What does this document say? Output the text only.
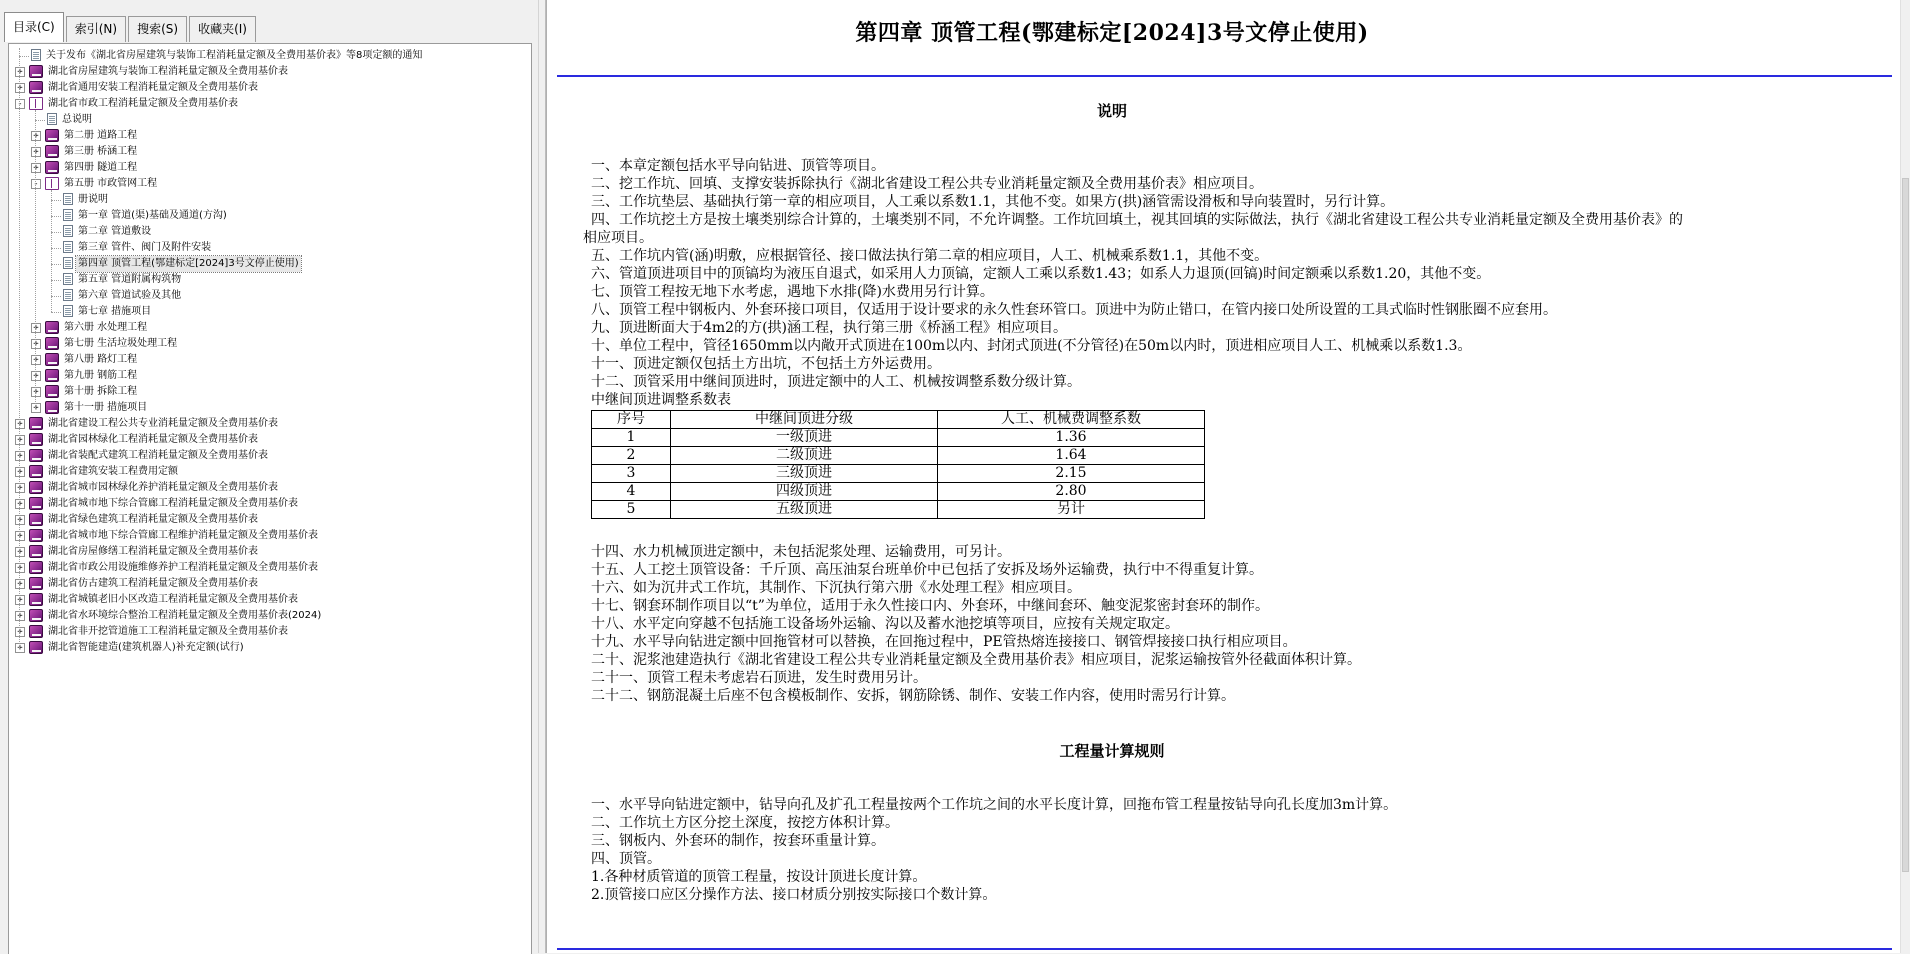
目录(C)	索引(N)	搜索(S)	收藏夹(I)
关于发布《湖北省房屋建筑与装饰工程消耗量定额及全费用基价表》等8项定额的通知
+	湖北省房屋建筑与装饰工程消耗量定额及全费用基价表
+	湖北省通用安装工程消耗量定额及全费用基价表
-	湖北省市政工程消耗量定额及全费用基价表
总说明
+	第二册 道路工程
+	第三册 桥涵工程
+	第四册 隧道工程
-	第五册 市政管网工程
册说明
第一章 管道(渠)基础及通道(方沟)
第二章 管道敷设
第三章 管件、阀门及附件安装
第四章 顶管工程(鄂建标定[2024]3号文停止使用)
第五章 管道附属构筑物
第六章 管道试验及其他
第七章 措施项目
+	第六册 水处理工程
+	第七册 生活垃圾处理工程
+	第八册 路灯工程
+	第九册 钢筋工程
+	第十册 拆除工程
+	第十一册 措施项目
+	湖北省建设工程公共专业消耗量定额及全费用基价表
+	湖北省园林绿化工程消耗量定额及全费用基价表
+	湖北省装配式建筑工程消耗量定额及全费用基价表
+	湖北省建筑安装工程费用定额
+	湖北省城市园林绿化养护消耗量定额及全费用基价表
+	湖北省城市地下综合管廊工程消耗量定额及全费用基价表
+	湖北省绿色建筑工程消耗量定额及全费用基价表
+	湖北省城市地下综合管廊工程维护消耗量定额及全费用基价表
+	湖北省房屋修缮工程消耗量定额及全费用基价表
+	湖北省市政公用设施维修养护工程消耗量定额及全费用基价表
+	湖北省仿古建筑工程消耗量定额及全费用基价表
+	湖北省城镇老旧小区改造工程消耗量定额及全费用基价表
+	湖北省水环境综合整治工程消耗量定额及全费用基价表(2024)
+	湖北省非开挖管道施工工程消耗量定额及全费用基价表
+	湖北省智能建造(建筑机器人)补充定额(试行)
第四章 顶管工程(鄂建标定[2024]3号文停止使用)
说明
一、本章定额包括水平导向钻进、顶管等项目。
二、挖工作坑、回填、支撑安装拆除执行《湖北省建设工程公共专业消耗量定额及全费用基价表》相应项目。
三、工作坑垫层、基础执行第一章的相应项目，人工乘以系数1.1，其他不变。如果方(拱)涵管需设滑板和导向装置时，另行计算。
四、工作坑挖土方是按土壤类别综合计算的，土壤类别不同，不允许调整。工作坑回填土，视其回填的实际做法，执行《湖北省建设工程公共专业消耗量定额及全费用基价表》的
相应项目。
五、工作坑内管(涵)明敷，应根据管径、接口做法执行第二章的相应项目，人工、机械乘系数1.1，其他不变。
六、管道顶进项目中的顶镐均为液压自退式，如采用人力顶镐，定额人工乘以系数1.43；如系人力退顶(回镐)时间定额乘以系数1.20，其他不变。
七、顶管工程按无地下水考虑，遇地下水排(降)水费用另行计算。
八、顶管工程中钢板内、外套环接口项目，仅适用于设计要求的永久性套环管口。顶进中为防止错口，在管内接口处所设置的工具式临时性钢胀圈不应套用。
九、顶进断面大于4m2的方(拱)涵工程，执行第三册《桥涵工程》相应项目。
十、单位工程中，管径1650mm以内敞开式顶进在100m以内、封闭式顶进(不分管径)在50m以内时，顶进相应项目人工、机械乘以系数1.3。
十一、顶进定额仅包括土方出坑，不包括土方外运费用。
十二、顶管采用中继间顶进时，顶进定额中的人工、机械按调整系数分级计算。
中继间顶进调整系数表
序号	中继间顶进分级	人工、机械费调整系数
1	一级顶进	1.36
2	二级顶进	1.64
3	三级顶进	2.15
4	四级顶进	2.80
5	五级顶进	另计
十四、水力机械顶进定额中，未包括泥浆处理、运输费用，可另计。
十五、人工挖土顶管设备：千斤顶、高压油泵台班单价中已包括了安拆及场外运输费，执行中不得重复计算。
十六、如为沉井式工作坑，其制作、下沉执行第六册《水处理工程》相应项目。
十七、钢套环制作项目以“t”为单位，适用于永久性接口内、外套环，中继间套环、触变泥浆密封套环的制作。
十八、水平定向穿越不包括施工设备场外运输、沟以及蓄水池挖填等项目，应按有关规定取定。
十九、水平导向钻进定额中回拖管材可以替换，在回拖过程中，PE管热熔连接接口、钢管焊接接口执行相应项目。
二十、泥浆池建造执行《湖北省建设工程公共专业消耗量定额及全费用基价表》相应项目，泥浆运输按管外径截面体积计算。
二十一、顶管工程未考虑岩石顶进，发生时费用另计。
二十二、钢筋混凝土后座不包含模板制作、安拆，钢筋除锈、制作、安装工作内容，使用时需另行计算。
工程量计算规则
一、水平导向钻进定额中，钻导向孔及扩孔工程量按两个工作坑之间的水平长度计算，回拖布管工程量按钻导向孔长度加3m计算。
二、工作坑土方区分挖土深度，按挖方体积计算。
三、钢板内、外套环的制作，按套环重量计算。
四、顶管。
1.各种材质管道的顶管工程量，按设计顶进长度计算。
2.顶管接口应区分操作方法、接口材质分别按实际接口个数计算。
